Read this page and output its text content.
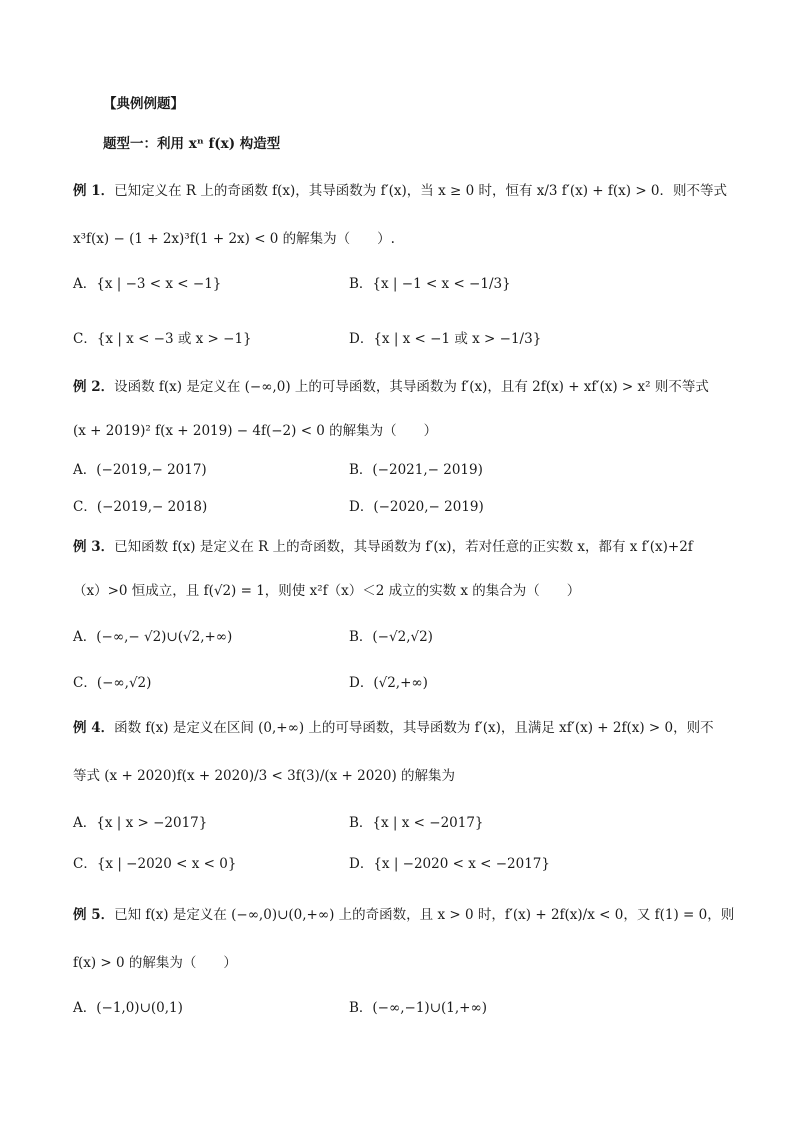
【典例例题】
题型一：利用 xⁿ f(x) 构造型
例 1．已知定义在 R 上的奇函数 f(x)，其导函数为 f′(x)，当 x ≥ 0 时，恒有 x/3 f′(x) + f(x) > 0．则不等式
x³f(x) − (1 + 2x)³f(1 + 2x) < 0 的解集为（　　）.
A．{x | −3 < x < −1}	B．{x | −1 < x < −1/3}
C．{x | x < −3 或 x > −1}	D．{x | x < −1 或 x > −1/3}
例 2．设函数 f(x) 是定义在 (−∞,0) 上的可导函数，其导函数为 f′(x)，且有 2f(x) + xf′(x) > x² 则不等式
(x + 2019)² f(x + 2019) − 4f(−2) < 0 的解集为（　　）
A．(−2019,− 2017)	B．(−2021,− 2019)
C．(−2019,− 2018)	D．(−2020,− 2019)
例 3．已知函数 f(x) 是定义在 R 上的奇函数，其导函数为 f′(x)，若对任意的正实数 x，都有 x f′(x)+2f
（x）>0 恒成立，且 f(√2) = 1，则使 x²f（x）＜2 成立的实数 x 的集合为（　　）
A．(−∞,− √2)∪(√2,+∞)	B．(−√2,√2)
C．(−∞,√2)	D．(√2,+∞)
例 4．函数 f(x) 是定义在区间 (0,+∞) 上的可导函数，其导函数为 f′(x)，且满足 xf′(x) + 2f(x) > 0，则不
等式 (x + 2020)f(x + 2020)/3 < 3f(3)/(x + 2020) 的解集为
A．{x | x > −2017}	B．{x | x < −2017}
C．{x | −2020 < x < 0}	D．{x | −2020 < x < −2017}
例 5．已知 f(x) 是定义在 (−∞,0)∪(0,+∞) 上的奇函数，且 x > 0 时，f′(x) + 2f(x)/x < 0，又 f(1) = 0，则
f(x) > 0 的解集为（　　）
A．(−1,0)∪(0,1)	B．(−∞,−1)∪(1,+∞)
